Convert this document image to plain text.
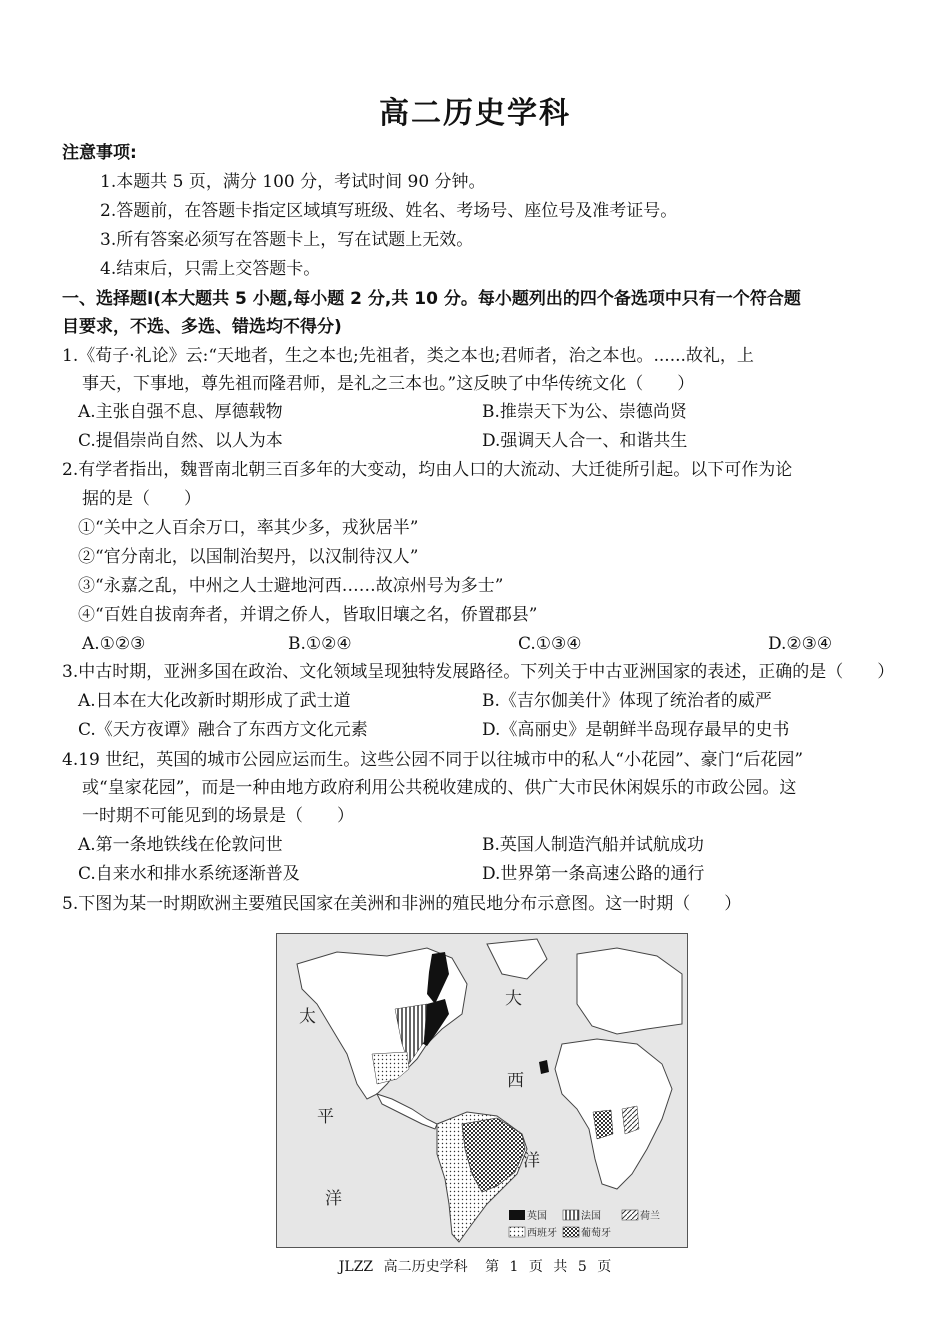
高二历史学科
注意事项:
1.本题共 5 页，满分 100 分，考试时间 90 分钟。
2.答题前，在答题卡指定区域填写班级、姓名、考场号、座位号及准考证号。
3.所有答案必须写在答题卡上，写在试题上无效。
4.结束后，只需上交答题卡。
一、选择题Ⅰ(本大题共 5 小题,每小题 2 分,共 10 分。每小题列出的四个备选项中只有一个符合题
目要求，不选、多选、错选均不得分)
1.《荀子·礼论》云:“天地者，生之本也;先祖者，类之本也;君师者，治之本也。......故礼，上
事天，下事地，尊先祖而隆君师，是礼之三本也。”这反映了中华传统文化（　　）
A.主张自强不息、厚德载物	B.推崇天下为公、崇德尚贤
C.提倡崇尚自然、以人为本	D.强调天人合一、和谐共生
2.有学者指出，魏晋南北朝三百多年的大变动，均由人口的大流动、大迁徙所引起。以下可作为论
据的是（　　）
①“关中之人百余万口，率其少多，戎狄居半”
②“官分南北，以国制治契丹，以汉制待汉人”
③“永嘉之乱，中州之人士避地河西……故凉州号为多士”
④“百姓自拔南奔者，并谓之侨人，皆取旧壤之名，侨置郡县”
A.①②③	B.①②④	C.①③④	D.②③④
3.中古时期，亚洲多国在政治、文化领域呈现独特发展路径。下列关于中古亚洲国家的表述，正确的是（　　）
A.日本在大化改新时期形成了武士道	B.《吉尔伽美什》体现了统治者的威严
C.《天方夜谭》融合了东西方文化元素	D.《高丽史》是朝鲜半岛现存最早的史书
4.19 世纪，英国的城市公园应运而生。这些公园不同于以往城市中的私人“小花园”、豪门“后花园”
或“皇家花园”，而是一种由地方政府利用公共税收建成的、供广大市民休闲娱乐的市政公园。这
一时期不可能见到的场景是（　　）
A.第一条地铁线在伦敦问世	B.英国人制造汽船并试航成功
C.自来水和排水系统逐渐普及	D.世界第一条高速公路的通行
5.下图为某一时期欧洲主要殖民国家在美洲和非洲的殖民地分布示意图。这一时期（　　）
太
平
洋
大
西
洋
英国	法国	荷兰
西班牙 葡萄牙
JLZZ 高二历史学科 第 1 页 共 5 页
